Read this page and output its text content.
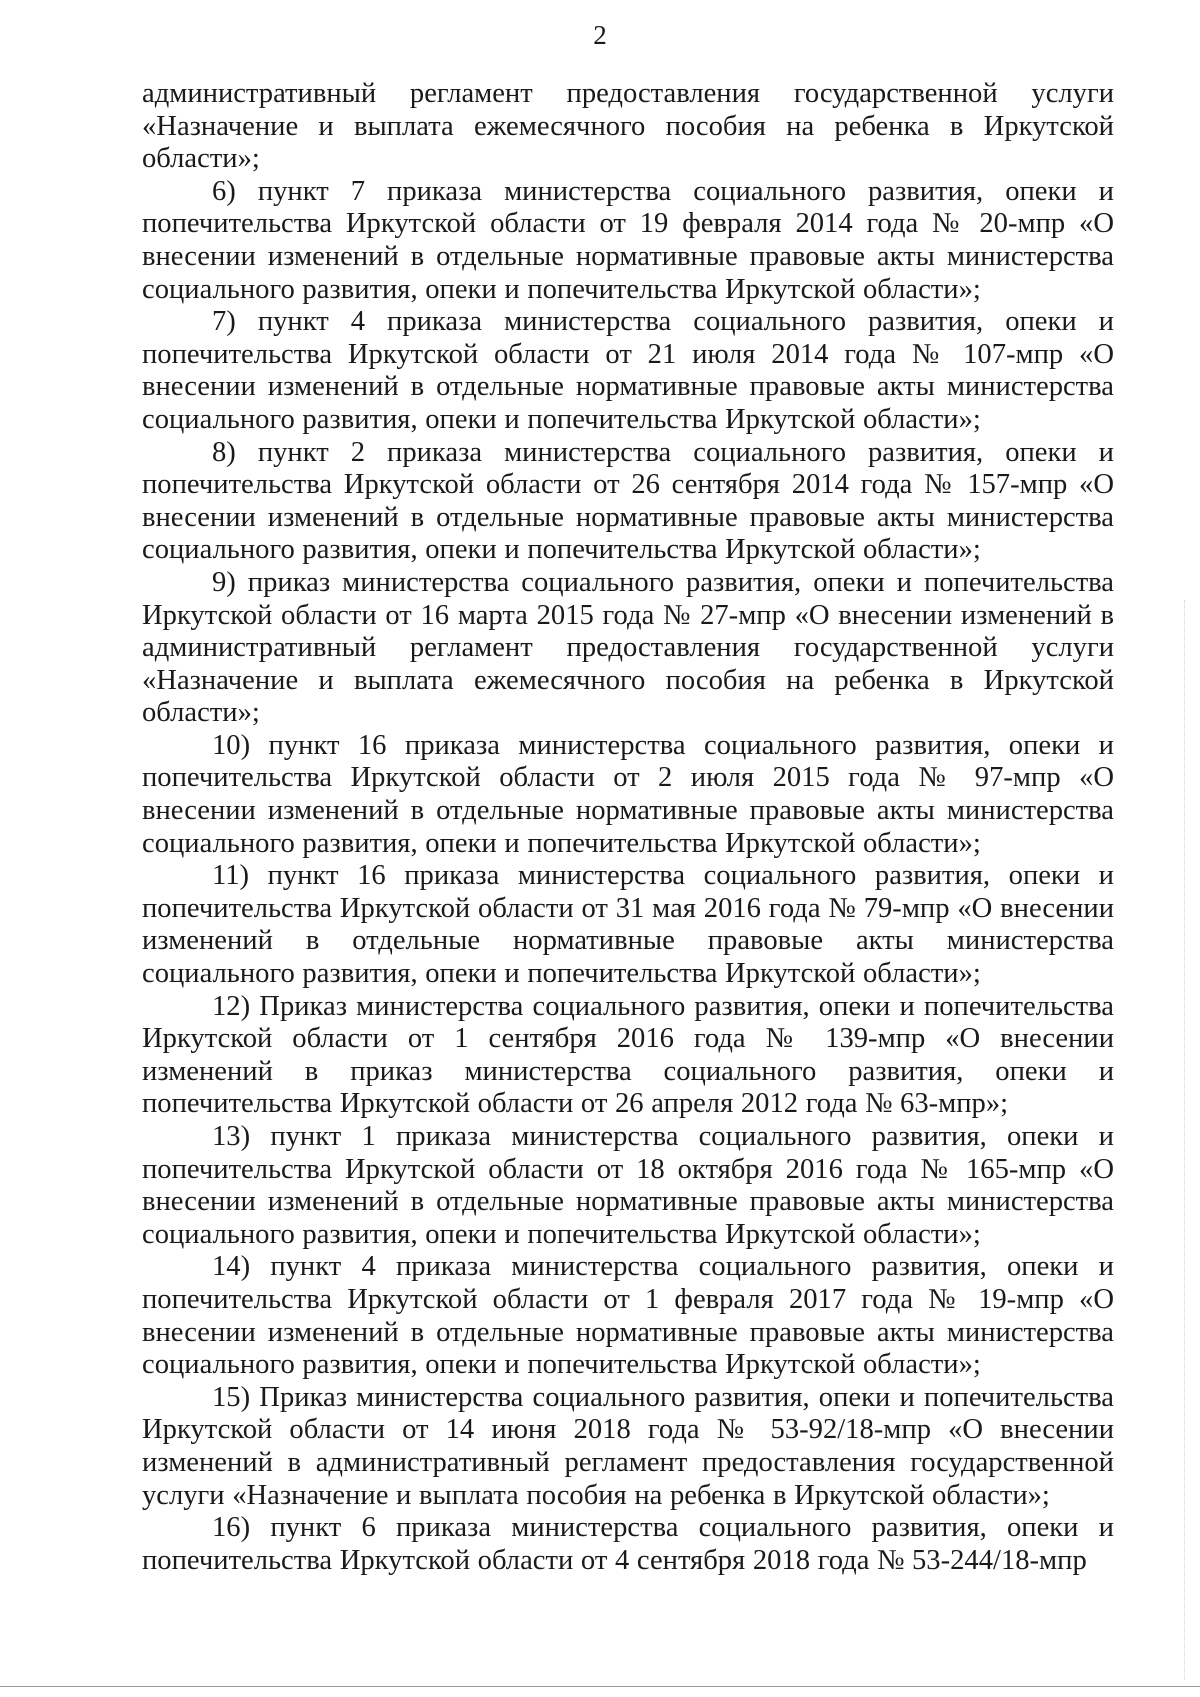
2

административный регламент предоставления государственной услуги «Назначение и выплата ежемесячного пособия на ребенка в Иркутской области»;

6) пункт 7 приказа министерства социального развития, опеки и попечительства Иркутской области от 19 февраля 2014 года № 20-мпр «О внесении изменений в отдельные нормативные правовые акты министерства социального развития, опеки и попечительства Иркутской области»;

7) пункт 4 приказа министерства социального развития, опеки и попечительства Иркутской области от 21 июля 2014 года № 107-мпр «О внесении изменений в отдельные нормативные правовые акты министерства социального развития, опеки и попечительства Иркутской области»;

8) пункт 2 приказа министерства социального развития, опеки и попечительства Иркутской области от 26 сентября 2014 года № 157-мпр «О внесении изменений в отдельные нормативные правовые акты министерства социального развития, опеки и попечительства Иркутской области»;

9) приказ министерства социального развития, опеки и попечительства Иркутской области от 16 марта 2015 года № 27-мпр «О внесении изменений в административный регламент предоставления государственной услуги «Назначение и выплата ежемесячного пособия на ребенка в Иркутской области»;

10) пункт 16 приказа министерства социального развития, опеки и попечительства Иркутской области от 2 июля 2015 года № 97-мпр «О внесении изменений в отдельные нормативные правовые акты министерства социального развития, опеки и попечительства Иркутской области»;

11) пункт 16 приказа министерства социального развития, опеки и попечительства Иркутской области от 31 мая 2016 года № 79-мпр «О внесении изменений в отдельные нормативные правовые акты министерства социального развития, опеки и попечительства Иркутской области»;

12) Приказ министерства социального развития, опеки и попечительства Иркутской области от 1 сентября 2016 года № 139-мпр «О внесении изменений в приказ министерства социального развития, опеки и попечительства Иркутской области от 26 апреля 2012 года № 63-мпр»;

13) пункт 1 приказа министерства социального развития, опеки и попечительства Иркутской области от 18 октября 2016 года № 165-мпр «О внесении изменений в отдельные нормативные правовые акты министерства социального развития, опеки и попечительства Иркутской области»;

14) пункт 4 приказа министерства социального развития, опеки и попечительства Иркутской области от 1 февраля 2017 года № 19-мпр «О внесении изменений в отдельные нормативные правовые акты министерства социального развития, опеки и попечительства Иркутской области»;

15) Приказ министерства социального развития, опеки и попечительства Иркутской области от 14 июня 2018 года № 53-92/18-мпр «О внесении изменений в административный регламент предоставления государственной услуги «Назначение и выплата пособия на ребенка в Иркутской области»;

16) пункт 6 приказа министерства социального развития, опеки и попечительства Иркутской области от 4 сентября 2018 года № 53-244/18-мпр
